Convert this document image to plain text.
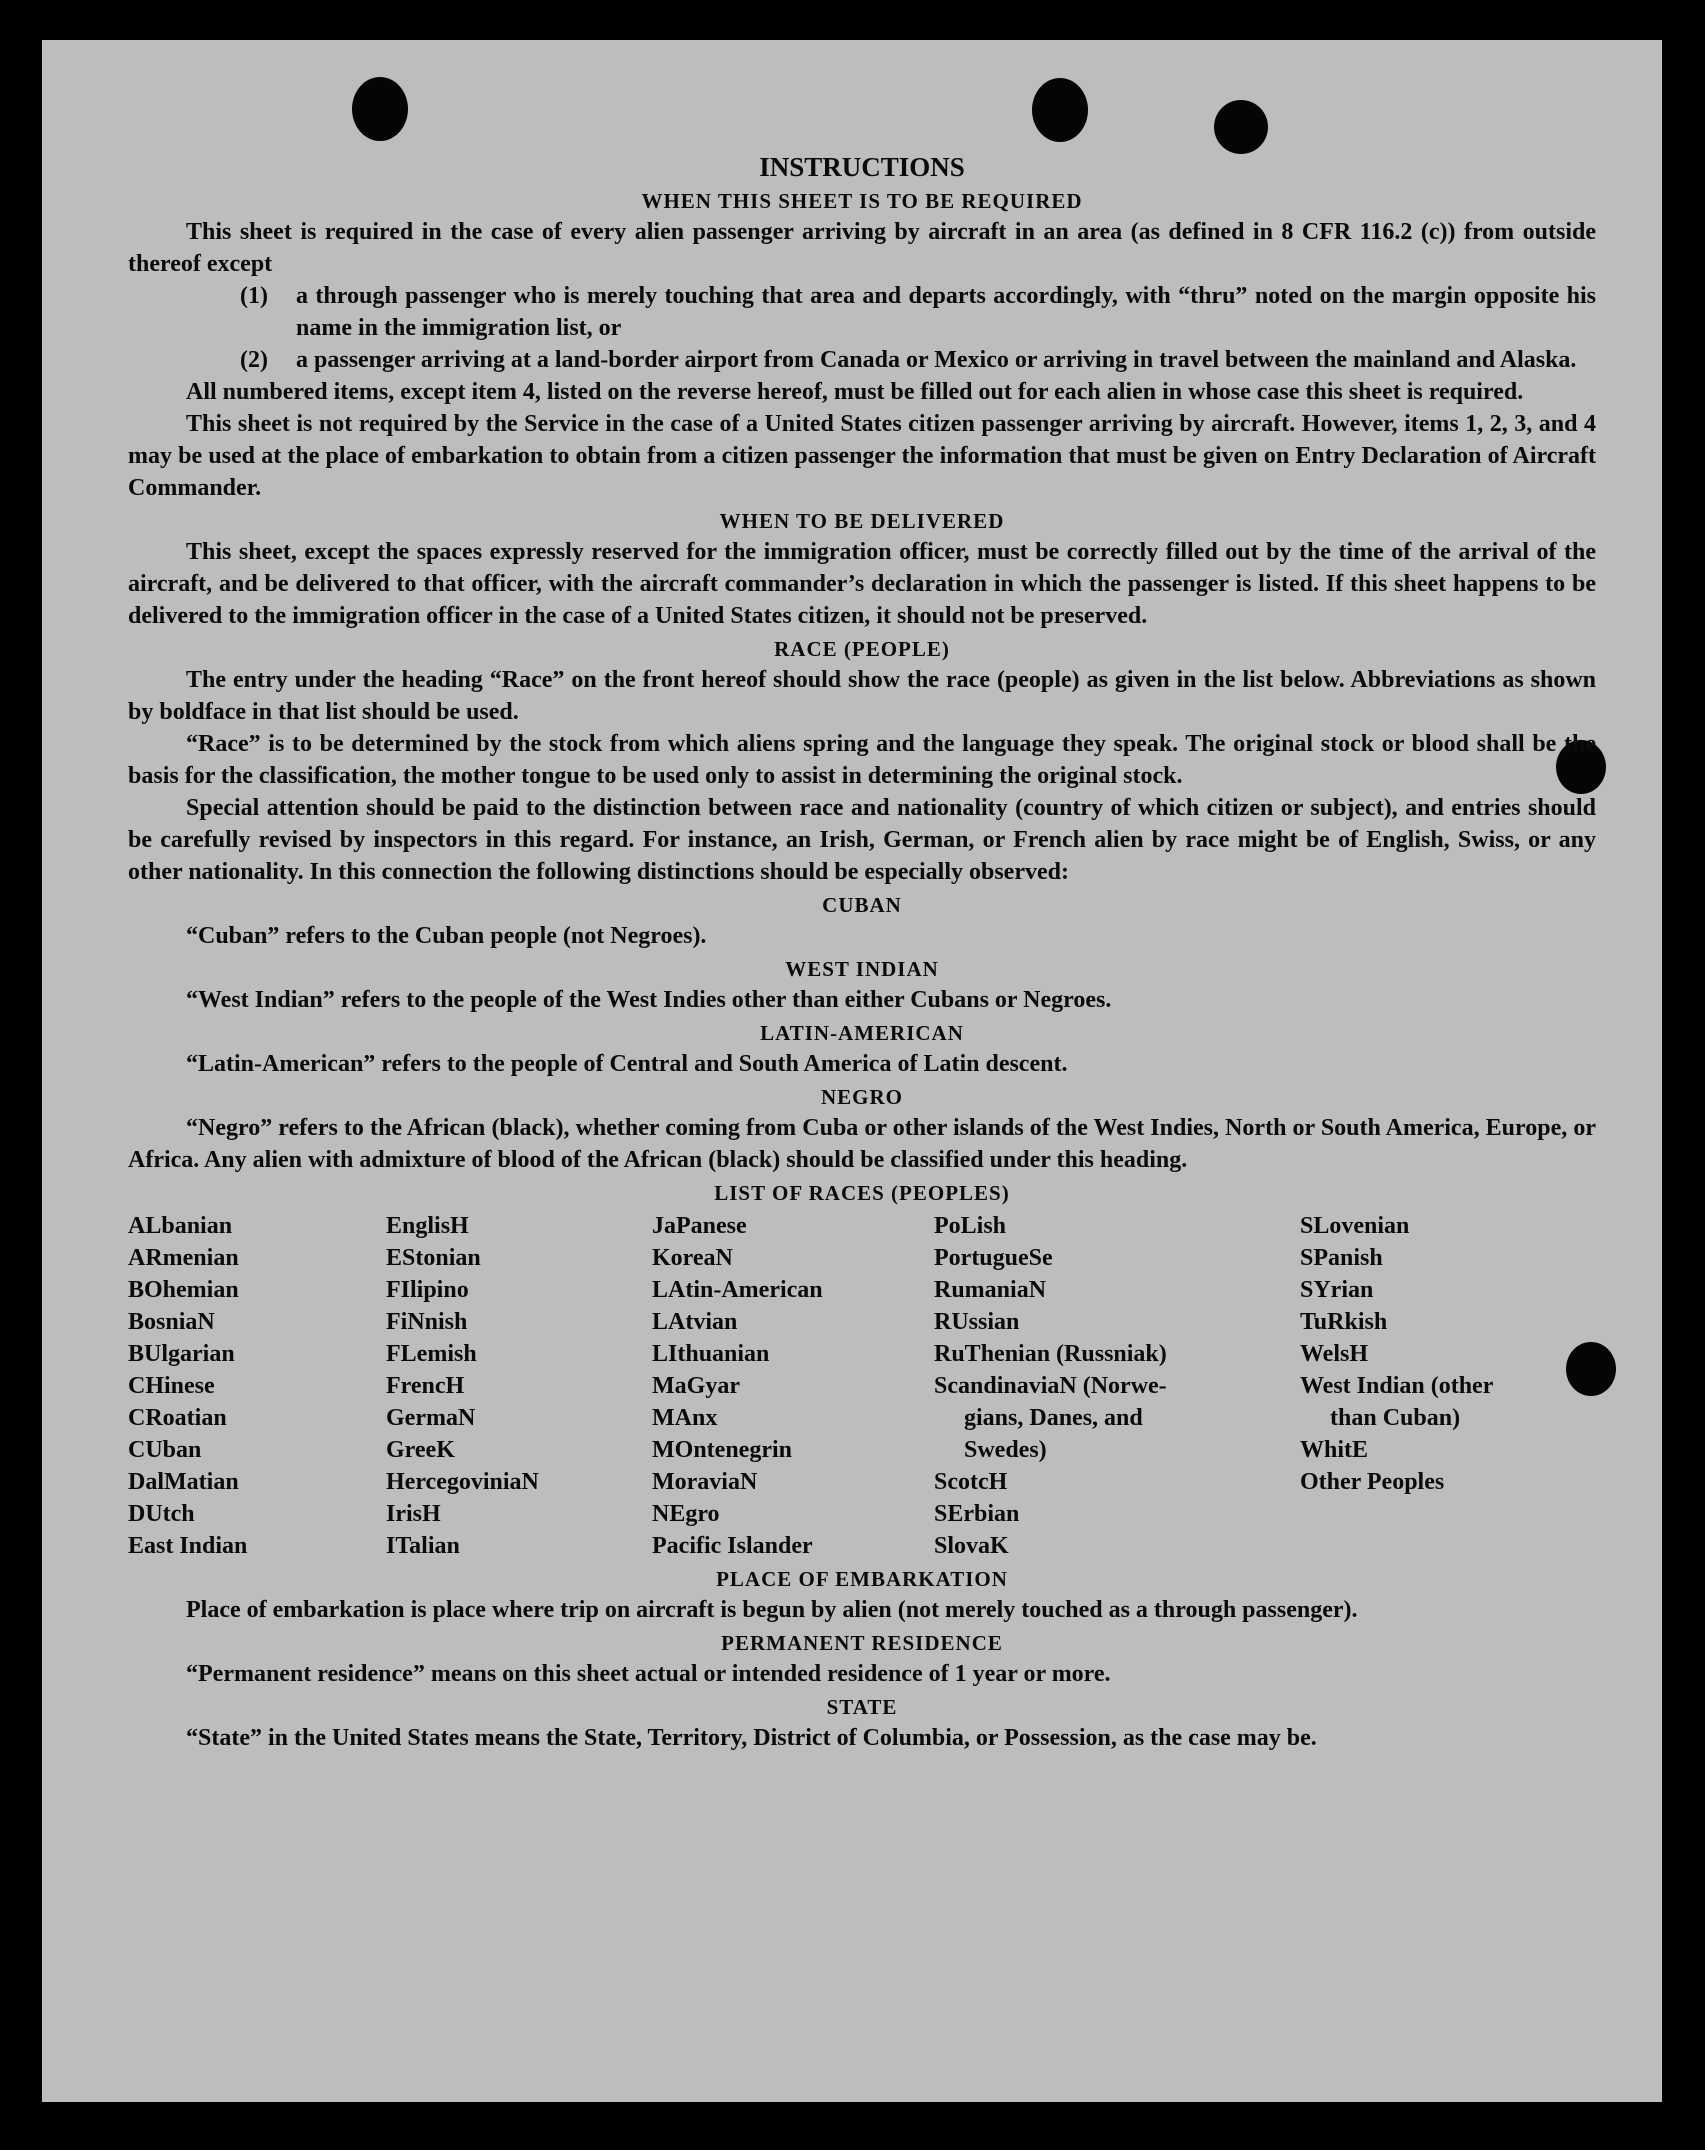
INSTRUCTIONS
WHEN THIS SHEET IS TO BE REQUIRED

This sheet is required in the case of every alien passenger arriving by aircraft in an area (as defined in 8 CFR 116.2 (c)) from outside thereof except

(1)	a through passenger who is merely touching that area and departs accordingly, with “thru” noted on the margin opposite his name in the immigration list, or
(2)	a passenger arriving at a land-border airport from Canada or Mexico or arriving in travel between the mainland and Alaska.

All numbered items, except item 4, listed on the reverse hereof, must be filled out for each alien in whose case this sheet is required.

This sheet is not required by the Service in the case of a United States citizen passenger arriving by aircraft. However, items 1, 2, 3, and 4 may be used at the place of embarkation to obtain from a citizen passenger the information that must be given on Entry Declaration of Aircraft Commander.

WHEN TO BE DELIVERED

This sheet, except the spaces expressly reserved for the immigration officer, must be correctly filled out by the time of the arrival of the aircraft, and be delivered to that officer, with the aircraft commander’s declaration in which the passenger is listed. If this sheet happens to be delivered to the immigration officer in the case of a United States citizen, it should not be preserved.

RACE (PEOPLE)

The entry under the heading “Race” on the front hereof should show the race (people) as given in the list below. Abbreviations as shown by boldface in that list should be used.

“Race” is to be determined by the stock from which aliens spring and the language they speak. The original stock or blood shall be the basis for the classification, the mother tongue to be used only to assist in determining the original stock.

Special attention should be paid to the distinction between race and nationality (country of which citizen or subject), and entries should be carefully revised by inspectors in this regard. For instance, an Irish, German, or French alien by race might be of English, Swiss, or any other nationality. In this connection the following distinctions should be especially observed:

CUBAN

“Cuban” refers to the Cuban people (not Negroes).

WEST INDIAN

“West Indian” refers to the people of the West Indies other than either Cubans or Negroes.

LATIN-AMERICAN

“Latin-American” refers to the people of Central and South America of Latin descent.

NEGRO

“Negro” refers to the African (black), whether coming from Cuba or other islands of the West Indies, North or South America, Europe, or Africa. Any alien with admixture of blood of the African (black) should be classified under this heading.

LIST OF RACES (PEOPLES)
ALbanian	EnglisH	JaPanese	PoLish	SLovenian
ARmenian	EStonian	KoreaN	PortugueSe	SPanish
BOhemian	FIlipino	LAtin-American	RumaniaN	SYrian
BosniaN	FiNnish	LAtvian	RUssian	TuRkish
BUlgarian	FLemish	LIthuanian	RuThenian (Russniak)	WelsH
CHinese	FrencH	MaGyar	ScandinaviaN (Norwe-	West Indian (other
CRoatian	GermaN	MAnx	gians, Danes, and	than Cuban)
CUban	GreeK	MOntenegrin	Swedes)	WhitE
DalMatian	HercegoviniaN	MoraviaN	ScotcH	Other Peoples
DUtch	IrisH	NEgro	SErbian
East Indian	ITalian	Pacific Islander	SlovaK
PLACE OF EMBARKATION

Place of embarkation is place where trip on aircraft is begun by alien (not merely touched as a through passenger).

PERMANENT RESIDENCE

“Permanent residence” means on this sheet actual or intended residence of 1 year or more.

STATE

“State” in the United States means the State, Territory, District of Columbia, or Possession, as the case may be.
